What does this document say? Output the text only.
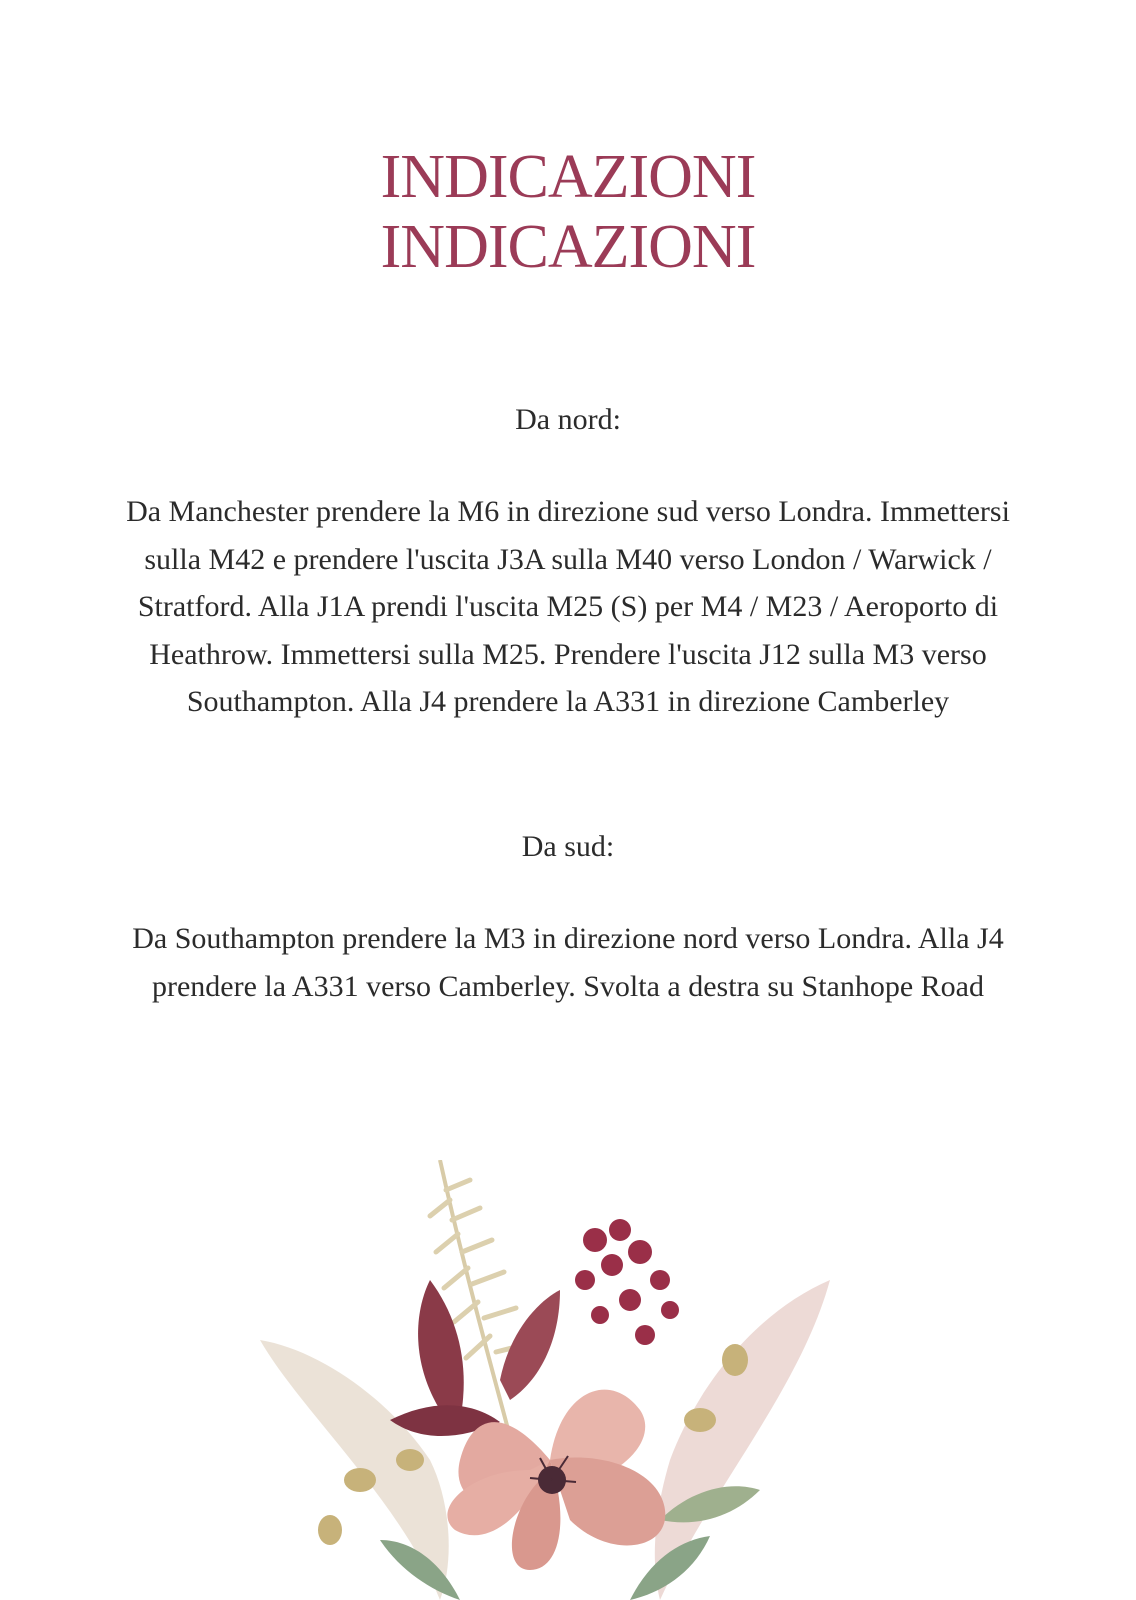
INDICAZIONI
INDICAZIONI
Da nord:
Da Manchester prendere la M6 in direzione sud verso Londra. Immettersi sulla M42 e prendere l'uscita J3A sulla M40 verso London / Warwick / Stratford. Alla J1A prendi l'uscita M25 (S) per M4 / M23 / Aeroporto di Heathrow. Immettersi sulla M25. Prendere l'uscita J12 sulla M3 verso Southampton. Alla J4 prendere la A331 in direzione Camberley
Da sud:
Da Southampton prendere la M3 in direzione nord verso Londra. Alla J4 prendere la A331 verso Camberley. Svolta a destra su Stanhope Road
